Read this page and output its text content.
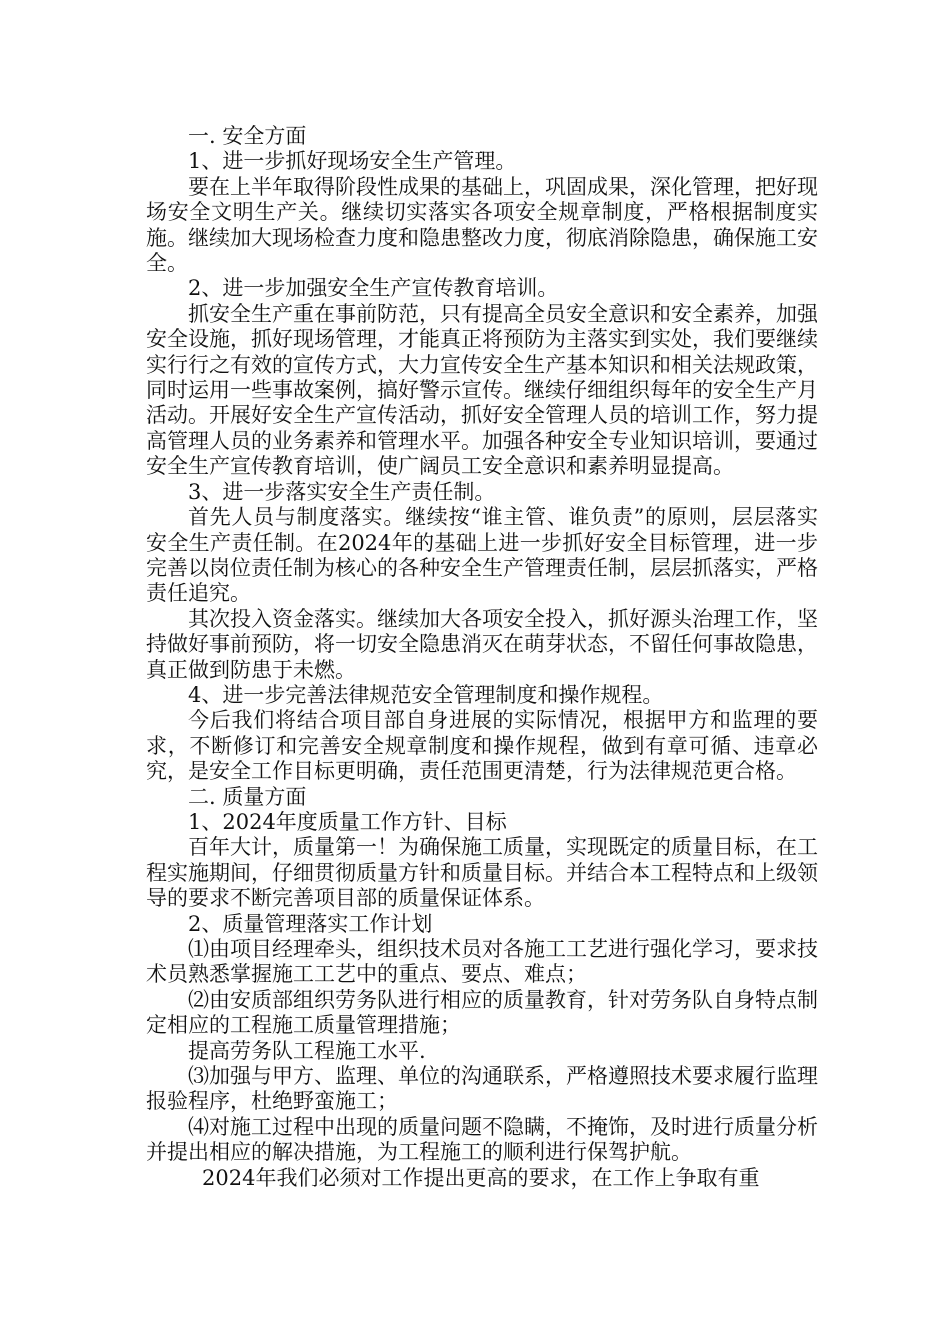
一. 安全方面

1、进一步抓好现场安全生产管理。

要在上半年取得阶段性成果的基础上，巩固成果，深化管理，把好现场安全文明生产关。继续切实落实各项安全规章制度，严格根据制度实施。继续加大现场检查力度和隐患整改力度，彻底消除隐患，确保施工安全。

2、进一步加强安全生产宣传教育培训。

抓安全生产重在事前防范，只有提高全员安全意识和安全素养，加强安全设施，抓好现场管理，才能真正将预防为主落实到实处，我们要继续实行行之有效的宣传方式，大力宣传安全生产基本知识和相关法规政策，同时运用一些事故案例，搞好警示宣传。继续仔细组织每年的安全生产月活动。开展好安全生产宣传活动，抓好安全管理人员的培训工作，努力提高管理人员的业务素养和管理水平。加强各种安全专业知识培训，要通过安全生产宣传教育培训，使广阔员工安全意识和素养明显提高。

3、进一步落实安全生产责任制。

首先人员与制度落实。继续按“谁主管、谁负责”的原则，层层落实安全生产责任制。在2024年的基础上进一步抓好安全目标管理，进一步完善以岗位责任制为核心的各种安全生产管理责任制，层层抓落实，严格责任追究。

其次投入资金落实。继续加大各项安全投入，抓好源头治理工作，坚持做好事前预防，将一切安全隐患消灭在萌芽状态，不留任何事故隐患，真正做到防患于未燃。

4、进一步完善法律规范安全管理制度和操作规程。

今后我们将结合项目部自身进展的实际情况，根据甲方和监理的要求，不断修订和完善安全规章制度和操作规程，做到有章可循、违章必究，是安全工作目标更明确，责任范围更清楚，行为法律规范更合格。

二. 质量方面

1、2024年度质量工作方针、目标

百年大计，质量第一！为确保施工质量，实现既定的质量目标，在工程实施期间，仔细贯彻质量方针和质量目标。并结合本工程特点和上级领导的要求不断完善项目部的质量保证体系。

2、质量管理落实工作计划

⑴由项目经理牵头，组织技术员对各施工工艺进行强化学习，要求技术员熟悉掌握施工工艺中的重点、要点、难点；

⑵由安质部组织劳务队进行相应的质量教育，针对劳务队自身特点制定相应的工程施工质量管理措施；

提高劳务队工程施工水平.

⑶加强与甲方、监理、单位的沟通联系，严格遵照技术要求履行监理报验程序，杜绝野蛮施工；

⑷对施工过程中出现的质量问题不隐瞒，不掩饰，及时进行质量分析并提出相应的解决措施，为工程施工的顺利进行保驾护航。

2024年我们必须对工作提出更高的要求，在工作上争取有重
